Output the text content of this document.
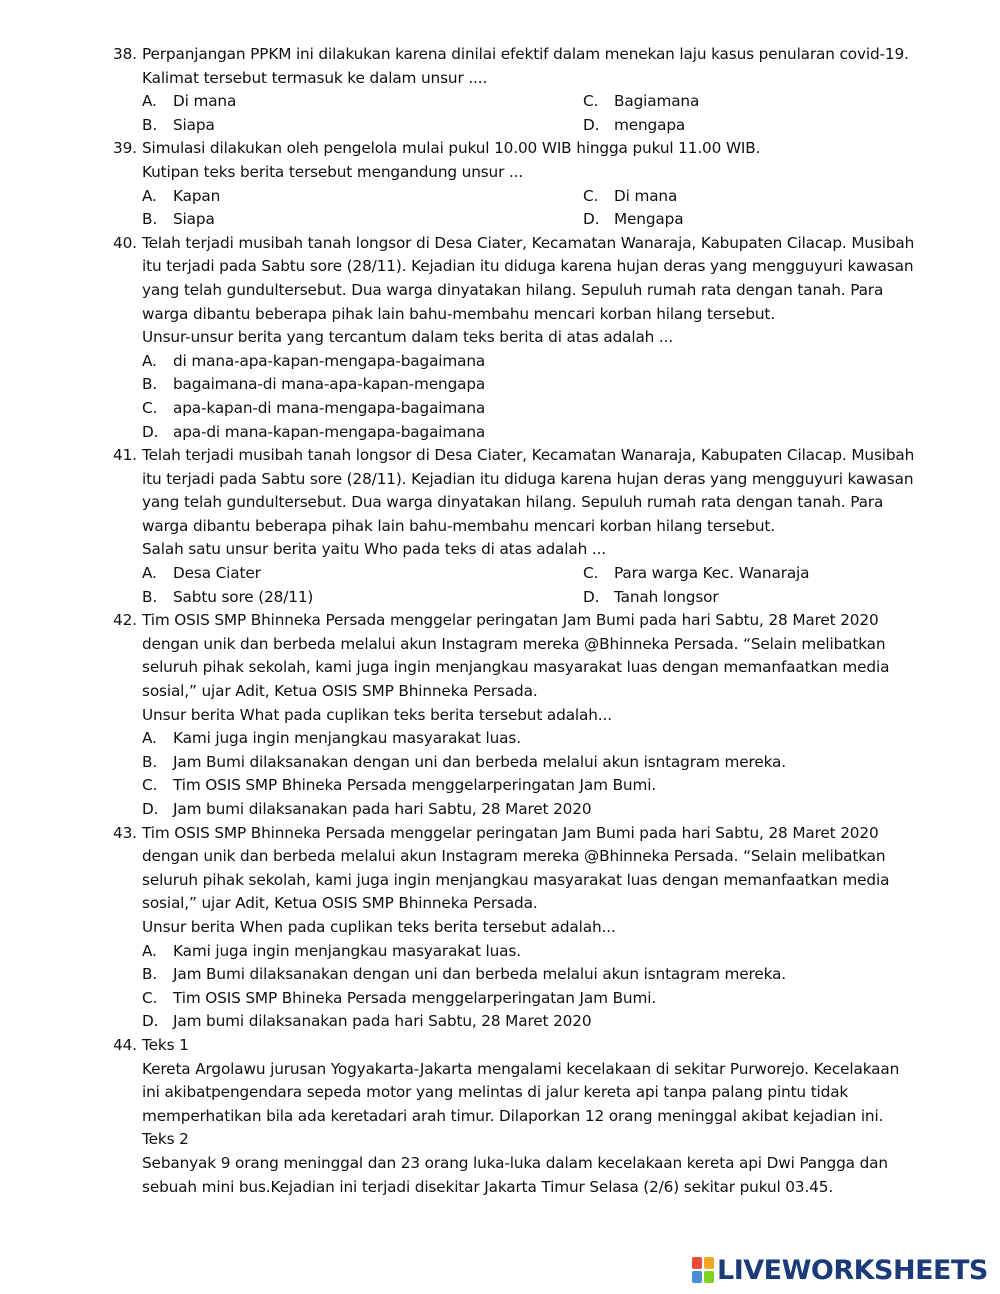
38. Perpanjangan PPKM ini dilakukan karena dinilai efektif dalam menekan laju kasus penularan covid-19.
Kalimat tersebut termasuk ke dalam unsur ....
A.	Di mana	C.	Bagiamana
B.	Siapa	D. mengapa
39. Simulasi dilakukan oleh pengelola mulai pukul 10.00 WIB hingga pukul 11.00 WIB.
Kutipan teks berita tersebut mengandung unsur ...
A.	Kapan	C.	Di mana
B.	Siapa	D. Mengapa
40. Telah terjadi musibah tanah longsor di Desa Ciater, Kecamatan Wanaraja, Kabupaten Cilacap. Musibah
itu terjadi pada Sabtu sore (28/11). Kejadian itu diduga karena hujan deras yang mengguyuri kawasan
yang telah gundultersebut. Dua warga dinyatakan hilang. Sepuluh rumah rata dengan tanah. Para
warga dibantu beberapa pihak lain bahu-membahu mencari korban hilang tersebut.
Unsur-unsur berita yang tercantum dalam teks berita di atas adalah ...
A.	di mana-apa-kapan-mengapa-bagaimana
B.	bagaimana-di mana-apa-kapan-mengapa
C.	apa-kapan-di mana-mengapa-bagaimana
D. apa-di mana-kapan-mengapa-bagaimana
41. Telah terjadi musibah tanah longsor di Desa Ciater, Kecamatan Wanaraja, Kabupaten Cilacap. Musibah
itu terjadi pada Sabtu sore (28/11). Kejadian itu diduga karena hujan deras yang mengguyuri kawasan
yang telah gundultersebut. Dua warga dinyatakan hilang. Sepuluh rumah rata dengan tanah. Para
warga dibantu beberapa pihak lain bahu-membahu mencari korban hilang tersebut.
Salah satu unsur berita yaitu Who pada teks di atas adalah ...
A.	Desa Ciater	C.	Para warga Kec. Wanaraja
B.	Sabtu sore (28/11)	D. Tanah longsor
42. Tim OSIS SMP Bhinneka Persada menggelar peringatan Jam Bumi pada hari Sabtu, 28 Maret 2020
dengan unik dan berbeda melalui akun Instagram mereka @Bhinneka Persada. “Selain melibatkan
seluruh pihak sekolah, kami juga ingin menjangkau masyarakat luas dengan memanfaatkan media
sosial,” ujar Adit, Ketua OSIS SMP Bhinneka Persada.
Unsur berita What pada cuplikan teks berita tersebut adalah...
A.	Kami juga ingin menjangkau masyarakat luas.
B.	Jam Bumi dilaksanakan dengan uni dan berbeda melalui akun isntagram mereka.
C.	Tim OSIS SMP Bhineka Persada menggelarperingatan Jam Bumi.
D. Jam bumi dilaksanakan pada hari Sabtu, 28 Maret 2020
43. Tim OSIS SMP Bhinneka Persada menggelar peringatan Jam Bumi pada hari Sabtu, 28 Maret 2020
dengan unik dan berbeda melalui akun Instagram mereka @Bhinneka Persada. “Selain melibatkan
seluruh pihak sekolah, kami juga ingin menjangkau masyarakat luas dengan memanfaatkan media
sosial,” ujar Adit, Ketua OSIS SMP Bhinneka Persada.
Unsur berita When pada cuplikan teks berita tersebut adalah...
A.	Kami juga ingin menjangkau masyarakat luas.
B.	Jam Bumi dilaksanakan dengan uni dan berbeda melalui akun isntagram mereka.
C.	Tim OSIS SMP Bhineka Persada menggelarperingatan Jam Bumi.
D. Jam bumi dilaksanakan pada hari Sabtu, 28 Maret 2020
44. Teks 1
Kereta Argolawu jurusan Yogyakarta-Jakarta mengalami kecelakaan di sekitar Purworejo. Kecelakaan
ini akibatpengendara sepeda motor yang melintas di jalur kereta api tanpa palang pintu tidak
memperhatikan bila ada keretadari arah timur. Dilaporkan 12 orang meninggal akibat kejadian ini.
Teks 2
Sebanyak 9 orang meninggal dan 23 orang luka-luka dalam kecelakaan kereta api Dwi Pangga dan
sebuah mini bus.Kejadian ini terjadi disekitar Jakarta Timur Selasa (2/6) sekitar pukul 03.45.
LIVEWORKSHEETS
